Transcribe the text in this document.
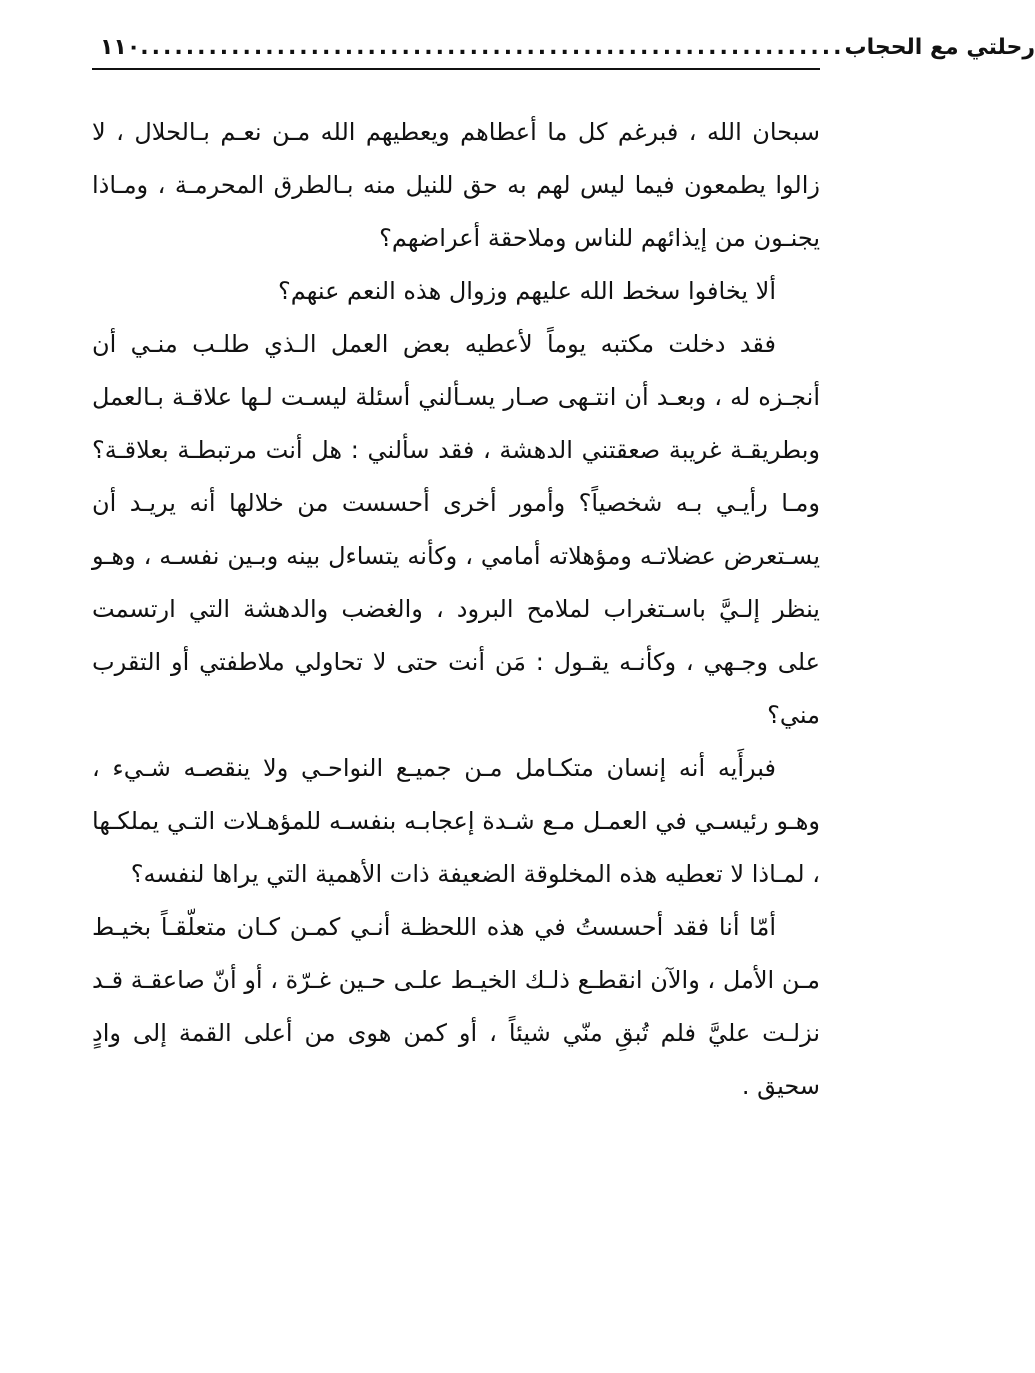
١١٠ .............................................................. رحلتي مع الحجاب

سبحان الله ، فبرغم كل ما أعطاهم ويعطيهم الله مـن نعـم بـالحلال ، لا زالوا يطمعون فيما ليس لهم به حق للنيل منه بـالطرق المحرمـة ، ومـاذا يجنـون من إيذائهم للناس وملاحقة أعراضهم؟

ألا يخافوا سخط الله عليهم وزوال هذه النعم عنهم؟

فقد دخلت مكتبه يوماً لأعطيه بعض العمل الـذي طلـب منـي أن أنجـزه له ، وبعـد أن انتـهى صـار يسـألني أسئلة ليسـت لـها علاقـة بـالعمل وبطريقـة غريبة صعقتني الدهشة ، فقد سألني : هل أنت مرتبطـة بعلاقـة؟ ومـا رأيـي بـه شخصياً؟ وأمور أخرى أحسست من خلالها أنه يريـد أن يسـتعرض عضلاتـه ومؤهلاته أمامي ، وكأنه يتساءل بينه وبـين نفسـه ، وهـو ينظر إلـيَّ باسـتغراب لملامح البرود ، والغضب والدهشة التي ارتسمت على وجـهي ، وكأنـه يقـول : مَن أنت حتى لا تحاولي ملاطفتي أو التقرب مني؟

فبرأَيه أنه إنسان متكـامل مـن جميـع النواحـي ولا ينقصـه شـيء ، وهـو رئيسـي في العمـل مـع شـدة إعجابـه بنفسـه للمؤهـلات التـي يملكـها ، لمـاذا لا تعطيه هذه المخلوقة الضعيفة ذات الأهمية التي يراها لنفسه؟

أمّا أنا فقد أحسستُ في هذه اللحظـة أنـي كمـن كـان متعلّقـاً بخيـط مـن الأمل ، والآن انقطـع ذلـك الخيـط علـى حـين غـرّة ، أو أنّ صاعقـة قـد نزلـت عليَّ فلم تُبقِ منّي شيئاً ، أو كمن هوى من أعلى القمة إلى وادٍ سحيق .
